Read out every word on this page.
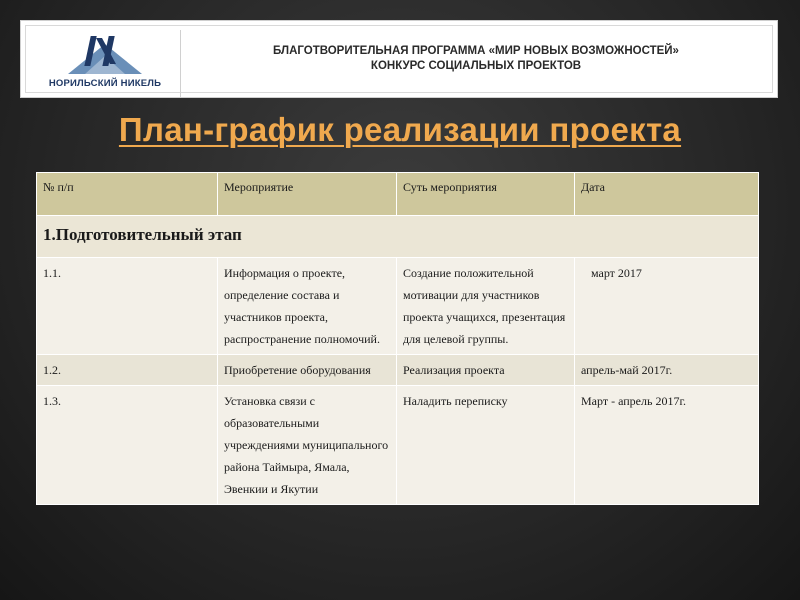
НОРИЛЬСКИЙ НИКЕЛЬ
БЛАГОТВОРИТЕЛЬНАЯ ПРОГРАММА «МИР НОВЫХ ВОЗМОЖНОСТЕЙ»
КОНКУРС СОЦИАЛЬНЫХ ПРОЕКТОВ
План-график реализации проекта
№ п/п	Мероприятие	Суть мероприятия	Дата
1.Подготовительный этап			
1.1.	Информация о проекте, определение состава и участников проекта, распространение полномочий.	Создание положительной мотивации для участников проекта учащихся, презентация для целевой группы.	март 2017
1.2.	Приобретение оборудования	Реализация проекта	апрель-май 2017г.
1.3.	Установка связи с образовательными учреждениями муниципального района Таймыра, Ямала, Эвенкии и Якутии	Наладить переписку	Март - апрель 2017г.
